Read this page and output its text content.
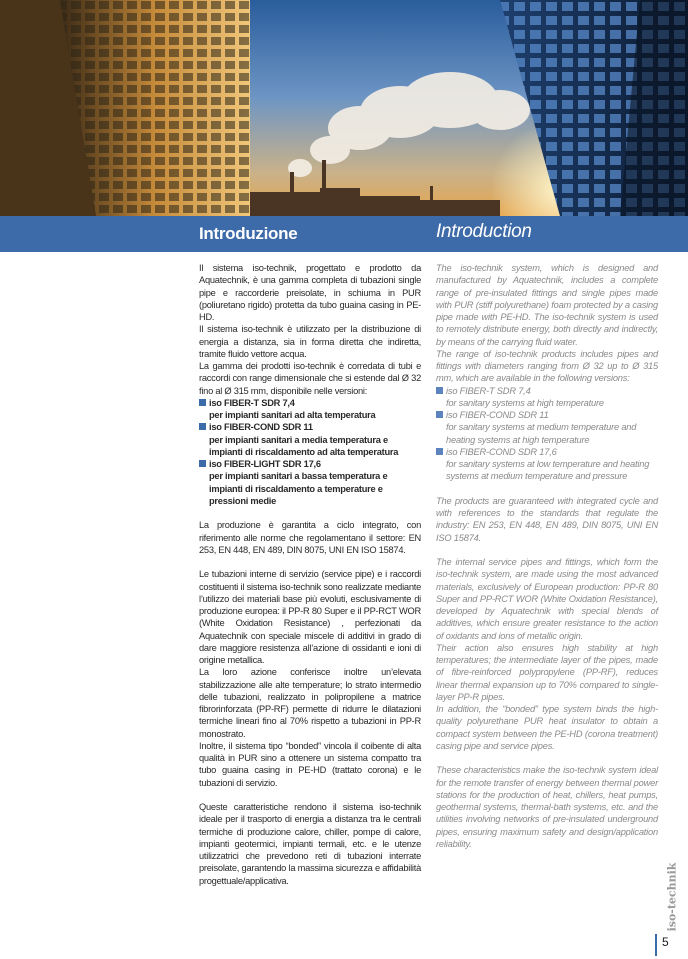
Introduzione	Introduction

Il sistema iso-technik, progettato e prodotto da Aquatechnik, è una gamma completa di tubazioni single pipe e raccorderie preisolate, in schiuma in PUR (poliuretano rigido) protetta da tubo guaina casing in PE-HD.

Il sistema iso-technik è utilizzato per la distribuzione di energia a distanza, sia in forma diretta che indiretta, tramite fluido vettore acqua.

La gamma dei prodotti iso-technik è corredata di tubi e raccordi con range dimensionale che si estende dal Ø 32 fino al Ø 315 mm, disponibile nelle versioni:

iso FIBER-T SDR 7,4
per impianti sanitari ad alta temperatura
iso FIBER-COND SDR 11
per impianti sanitari a media temperatura e impianti di riscaldamento ad alta temperatura
iso FIBER-LIGHT SDR 17,6
per impianti sanitari a bassa temperatura e impianti di riscaldamento a temperature e pressioni medie

La produzione è garantita a ciclo integrato, con riferimento alle norme che regolamentano il settore: EN 253, EN 448, EN 489, DIN 8075, UNI EN ISO 15874.

Le tubazioni interne di servizio (service pipe) e i raccordi costituenti il sistema iso-technik sono realizzate mediante l’utilizzo dei materiali base più evoluti, esclusivamente di produzione europea: il PP-R 80 Super e il PP-RCT WOR (White Oxidation Resistance) , perfezionati da Aquatechnik con speciale miscele di additivi in grado di dare maggiore resistenza all’azione di ossidanti e ioni di origine metallica.

La loro azione conferisce inoltre un’elevata stabilizzazione alle alte temperature; lo strato intermedio delle tubazioni, realizzato in polipropilene a matrice fibrorinforzata (PP-RF) permette di ridurre le dilatazioni termiche lineari fino al 70% rispetto a tubazioni in PP-R monostrato.

Inoltre, il sistema tipo “bonded” vincola il coibente di alta qualità in PUR sino a ottenere un sistema compatto tra tubo guaina casing in PE-HD (trattato corona) e le tubazioni di servizio.

Queste caratteristiche rendono il sistema iso-technik ideale per il trasporto di energia a distanza tra le centrali termiche di produzione calore, chiller, pompe di calore, impianti geotermici, impianti termali, etc. e le utenze utilizzatrici che prevedono reti di tubazioni interrate preisolate, garantendo la massima sicurezza e affidabilità progettuale/applicativa.

The iso-technik system, which is designed and manufactured by Aquatechnik, includes a complete range of pre-insulated fittings and single pipes made with PUR (stiff polyurethane) foam protected by a casing pipe made with PE-HD. The iso-technik system is used to remotely distribute energy, both directly and indirectly, by means of the carrying fluid water.

The range of iso-technik products includes pipes and fittings with diameters ranging from Ø 32 up to Ø 315 mm, which are available in the following versions:

iso FIBER-T SDR 7,4
for sanitary systems at high temperature
iso FIBER-COND SDR 11
for sanitary systems at medium temperature and heating systems at high temperature
iso FIBER-COND SDR 17,6
for sanitary systems at low temperature and heating systems at medium temperature and pressure

The products are guaranteed with integrated cycle and with references to the standards that regulate the industry: EN 253, EN 448, EN 489, DIN 8075, UNI EN ISO 15874.

The internal service pipes and fittings, which form the iso-technik system, are made using the most advanced materials, exclusively of European production: PP-R 80 Super and PP-RCT WOR (White Oxidation Resistance), developed by Aquatechnik with special blends of additives, which ensure greater resistance to the action of oxidants and ions of metallic origin.

Their action also ensures high stability at high temperatures; the intermediate layer of the pipes, made of fibre-reinforced polypropylene (PP-RF), reduces linear thermal expansion up to 70% compared to single-layer PP-R pipes.

In addition, the “bonded” type system binds the high-quality polyurethane PUR heat insulator to obtain a compact system between the PE-HD (corona treatment) casing pipe and service pipes.

These characteristics make the iso-technik system ideal for the remote transfer of energy between thermal power stations for the production of heat, chillers, heat pumps, geothermal systems, thermal-bath systems, etc. and the utilities involving networks of pre-insulated underground pipes, ensuring maximum safety and design/application reliability.

iso-technik
5
